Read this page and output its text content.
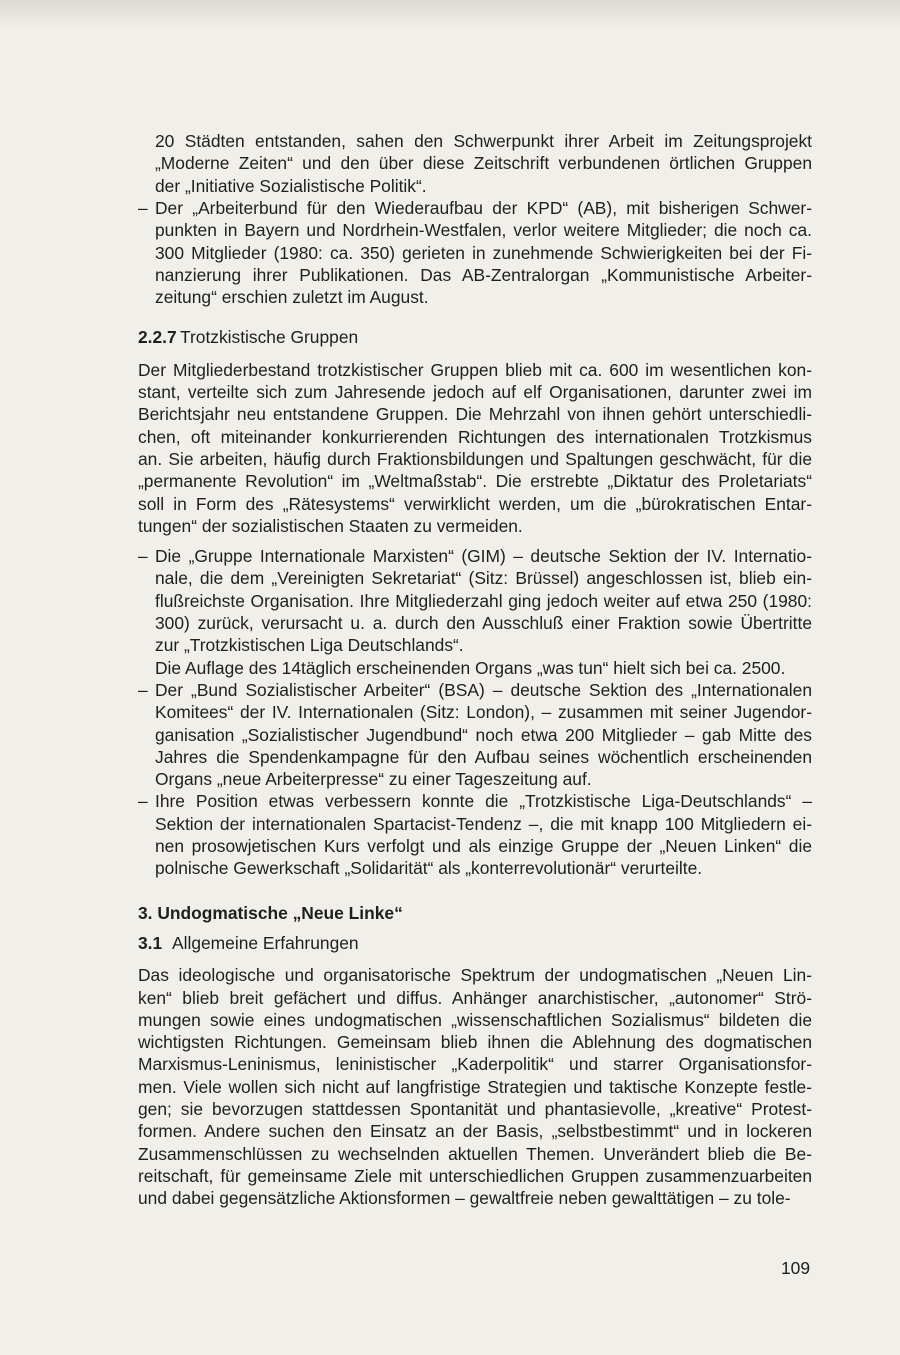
20 Städten entstanden, sahen den Schwerpunkt ihrer Arbeit im Zeitungsprojekt
„Moderne Zeiten“ und den über diese Zeitschrift verbundenen örtlichen Gruppen
der „Initiative Sozialistische Politik“.
– Der „Arbeiterbund für den Wiederaufbau der KPD“ (AB), mit bisherigen Schwer-
punkten in Bayern und Nordrhein-Westfalen, verlor weitere Mitglieder; die noch ca.
300 Mitglieder (1980: ca. 350) gerieten in zunehmende Schwierigkeiten bei der Fi-
nanzierung ihrer Publikationen. Das AB-Zentralorgan „Kommunistische Arbeiter-
zeitung“ erschien zuletzt im August.
2.2.7 Trotzkistische Gruppen
Der Mitgliederbestand trotzkistischer Gruppen blieb mit ca. 600 im wesentlichen kon-
stant, verteilte sich zum Jahresende jedoch auf elf Organisationen, darunter zwei im
Berichtsjahr neu entstandene Gruppen. Die Mehrzahl von ihnen gehört unterschiedli-
chen, oft miteinander konkurrierenden Richtungen des internationalen Trotzkismus
an. Sie arbeiten, häufig durch Fraktionsbildungen und Spaltungen geschwächt, für die
„permanente Revolution“ im „Weltmaßstab“. Die erstrebte „Diktatur des Proletariats“
soll in Form des „Rätesystems“ verwirklicht werden, um die „bürokratischen Entar-
tungen“ der sozialistischen Staaten zu vermeiden.
– Die „Gruppe Internationale Marxisten“ (GIM) – deutsche Sektion der IV. Internatio-
nale, die dem „Vereinigten Sekretariat“ (Sitz: Brüssel) angeschlossen ist, blieb ein-
flußreichste Organisation. Ihre Mitgliederzahl ging jedoch weiter auf etwa 250 (1980:
300) zurück, verursacht u. a. durch den Ausschluß einer Fraktion sowie Übertritte
zur „Trotzkistischen Liga Deutschlands“.
Die Auflage des 14täglich erscheinenden Organs „was tun“ hielt sich bei ca. 2500.
– Der „Bund Sozialistischer Arbeiter“ (BSA) – deutsche Sektion des „Internationalen
Komitees“ der IV. Internationalen (Sitz: London), – zusammen mit seiner Jugendor-
ganisation „Sozialistischer Jugendbund“ noch etwa 200 Mitglieder – gab Mitte des
Jahres die Spendenkampagne für den Aufbau seines wöchentlich erscheinenden
Organs „neue Arbeiterpresse“ zu einer Tageszeitung auf.
– Ihre Position etwas verbessern konnte die „Trotzkistische Liga-Deutschlands“ –
Sektion der internationalen Spartacist-Tendenz –, die mit knapp 100 Mitgliedern ei-
nen prosowjetischen Kurs verfolgt und als einzige Gruppe der „Neuen Linken“ die
polnische Gewerkschaft „Solidarität“ als „konterrevolutionär“ verurteilte.
3. Undogmatische „Neue Linke“
3.1 Allgemeine Erfahrungen
Das ideologische und organisatorische Spektrum der undogmatischen „Neuen Lin-
ken“ blieb breit gefächert und diffus. Anhänger anarchistischer, „autonomer“ Strö-
mungen sowie eines undogmatischen „wissenschaftlichen Sozialismus“ bildeten die
wichtigsten Richtungen. Gemeinsam blieb ihnen die Ablehnung des dogmatischen
Marxismus-Leninismus, leninistischer „Kaderpolitik“ und starrer Organisationsfor-
men. Viele wollen sich nicht auf langfristige Strategien und taktische Konzepte festle-
gen; sie bevorzugen stattdessen Spontanität und phantasievolle, „kreative“ Protest-
formen. Andere suchen den Einsatz an der Basis, „selbstbestimmt“ und in lockeren
Zusammenschlüssen zu wechselnden aktuellen Themen. Unverändert blieb die Be-
reitschaft, für gemeinsame Ziele mit unterschiedlichen Gruppen zusammenzuarbeiten
und dabei gegensätzliche Aktionsformen – gewaltfreie neben gewalttätigen – zu tole-
109
